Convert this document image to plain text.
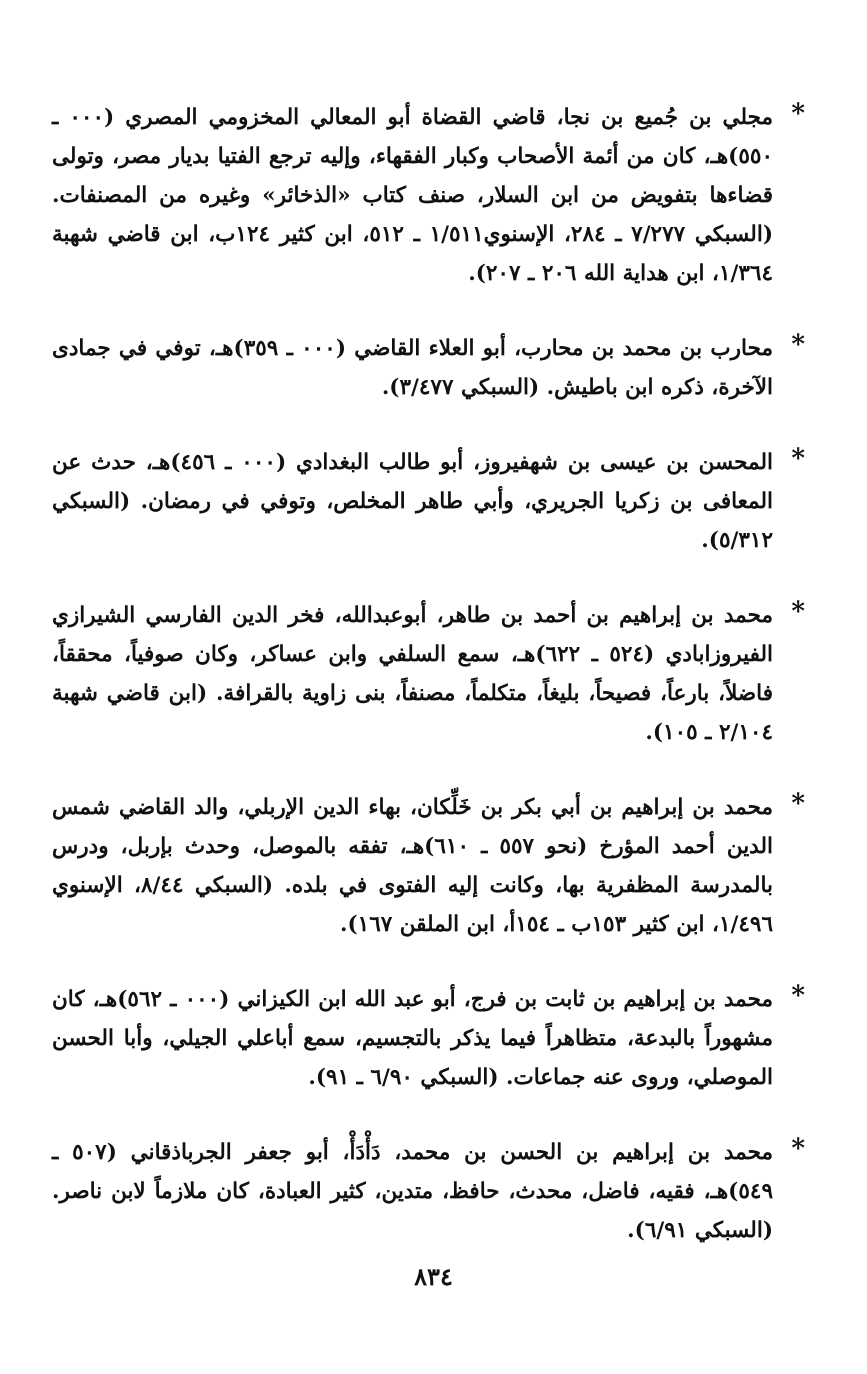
*
مجلي بن جُميع بن نجا، قاضي القضاة أبو المعالي المخزومي المصري (٠٠٠ ـ ٥٥٠)هـ، كان من أئمة الأصحاب وكبار الفقهاء، وإليه ترجع الفتيا بديار مصر، وتولى قضاءها بتفويض من ابن السلار، صنف كتاب «الذخائر» وغيره من المصنفات. (السبكي ٧/٢٧٧ ـ ٢٨٤، الإسنوي١/٥١١ ـ ٥١٢، ابن كثير ١٢٤ب، ابن قاضي شهبة ١/٣٦٤، ابن هداية الله ٢٠٦ ـ ٢٠٧).
*
محارب بن محمد بن محارب، أبو العلاء القاضي (٠٠٠ ـ ٣٥٩)هـ، توفي في جمادى الآخرة، ذكره ابن باطيش. (السبكي ٣/٤٧٧).
*
المحسن بن عيسى بن شهفيروز، أبو طالب البغدادي (٠٠٠ ـ ٤٥٦)هـ، حدث عن المعافى بن زكريا الجريري، وأبي طاهر المخلص، وتوفي في رمضان. (السبكي ٥/٣١٢).
*
محمد بن إبراهيم بن أحمد بن طاهر، أبوعبدالله، فخر الدين الفارسي الشيرازي الفيروزابادي (٥٢٤ ـ ٦٢٢)هـ، سمع السلفي وابن عساكر، وكان صوفياً، محققاً، فاضلاً، بارعاً، فصيحاً، بليغاً، متكلماً، مصنفاً، بنى زاوية بالقرافة. (ابن قاضي شهبة ٢/١٠٤ ـ ١٠٥).
*
محمد بن إبراهيم بن أبي بكر بن خَلِّكان، بهاء الدين الإربلي، والد القاضي شمس الدين أحمد المؤرخ (نحو ٥٥٧ ـ ٦١٠)هـ، تفقه بالموصل، وحدث بإربل، ودرس بالمدرسة المظفرية بها، وكانت إليه الفتوى في بلده. (السبكي ٨/٤٤، الإسنوي ١/٤٩٦، ابن كثير ١٥٣ب ـ ١٥٤أ، ابن الملقن ١٦٧).
*
محمد بن إبراهيم بن ثابت بن فرج، أبو عبد الله ابن الكيزاني (٠٠٠ ـ ٥٦٢)هـ، كان مشهوراً بالبدعة، متظاهراً فيما يذكر بالتجسيم، سمع أباعلي الجيلي، وأبا الحسن الموصلي، وروى عنه جماعات. (السبكي ٦/٩٠ ـ ٩١).
*
محمد بن إبراهيم بن الحسن بن محمد، دَأْدَأْ، أبو جعفر الجرباذقاني (٥٠٧ ـ ٥٤٩)هـ، فقيه، فاضل، محدث، حافظ، متدين، كثير العبادة، كان ملازماً لابن ناصر. (السبكي ٦/٩١).
٨٣٤
